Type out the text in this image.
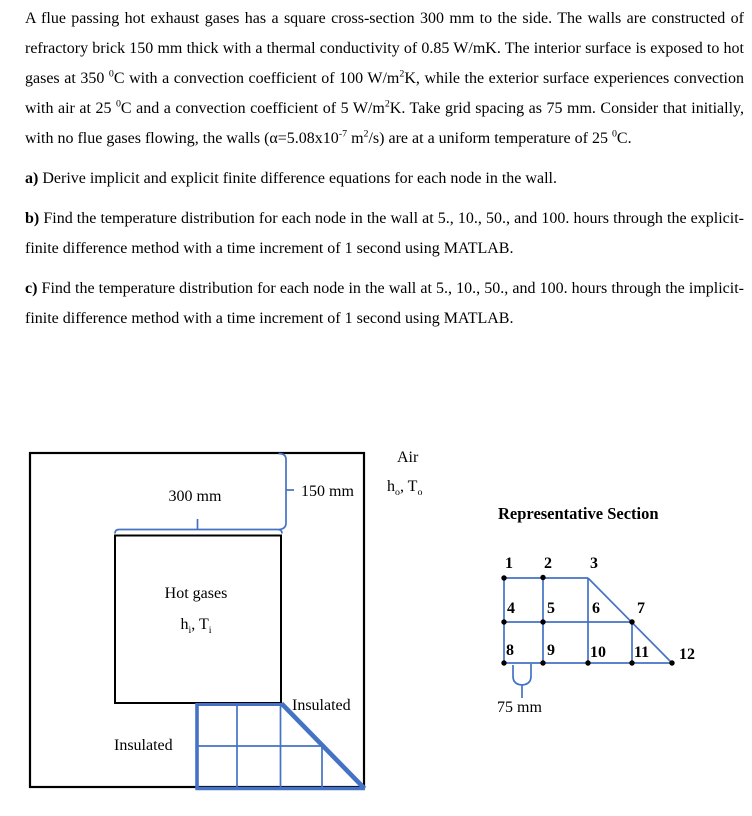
A flue passing hot exhaust gases has a square cross-section 300 mm to the side. The walls are constructed of refractory brick 150 mm thick with a thermal conductivity of 0.85 W/mK. The interior surface is exposed to hot gases at 350 $^0$C with a convection coefficient of 100 $W/m^2K$, while the exterior surface experiences convection with air at 25 $^0$C and a convection coefficient of 5 $W/m^2K$. Take grid spacing as 75 mm. Consider that initially, with no flue gases flowing, the walls ($\alpha=5.08x10^{-7}$ $m^2/s$) are at a uniform temperature of 25 $^0$C.

a) Derive implicit and explicit finite difference equations for each node in the wall.

b) Find the temperature distribution for each node in the wall at 5., 10., 50., and 100. hours through the explicit-finite difference method with a time increment of 1 second using MATLAB.

c) Find the temperature distribution for each node in the wall at 5., 10., 50., and 100. hours through the implicit-finite difference method with a time increment of 1 second using MATLAB.

300 mm	150 mm
Air
$h_o$, $T_o$
Hot gases
$h_i$, $T_i$
Insulated
Insulated
Representative Section
75 mm
1 2 3
4 5 6 7
8 9 10 11 12
